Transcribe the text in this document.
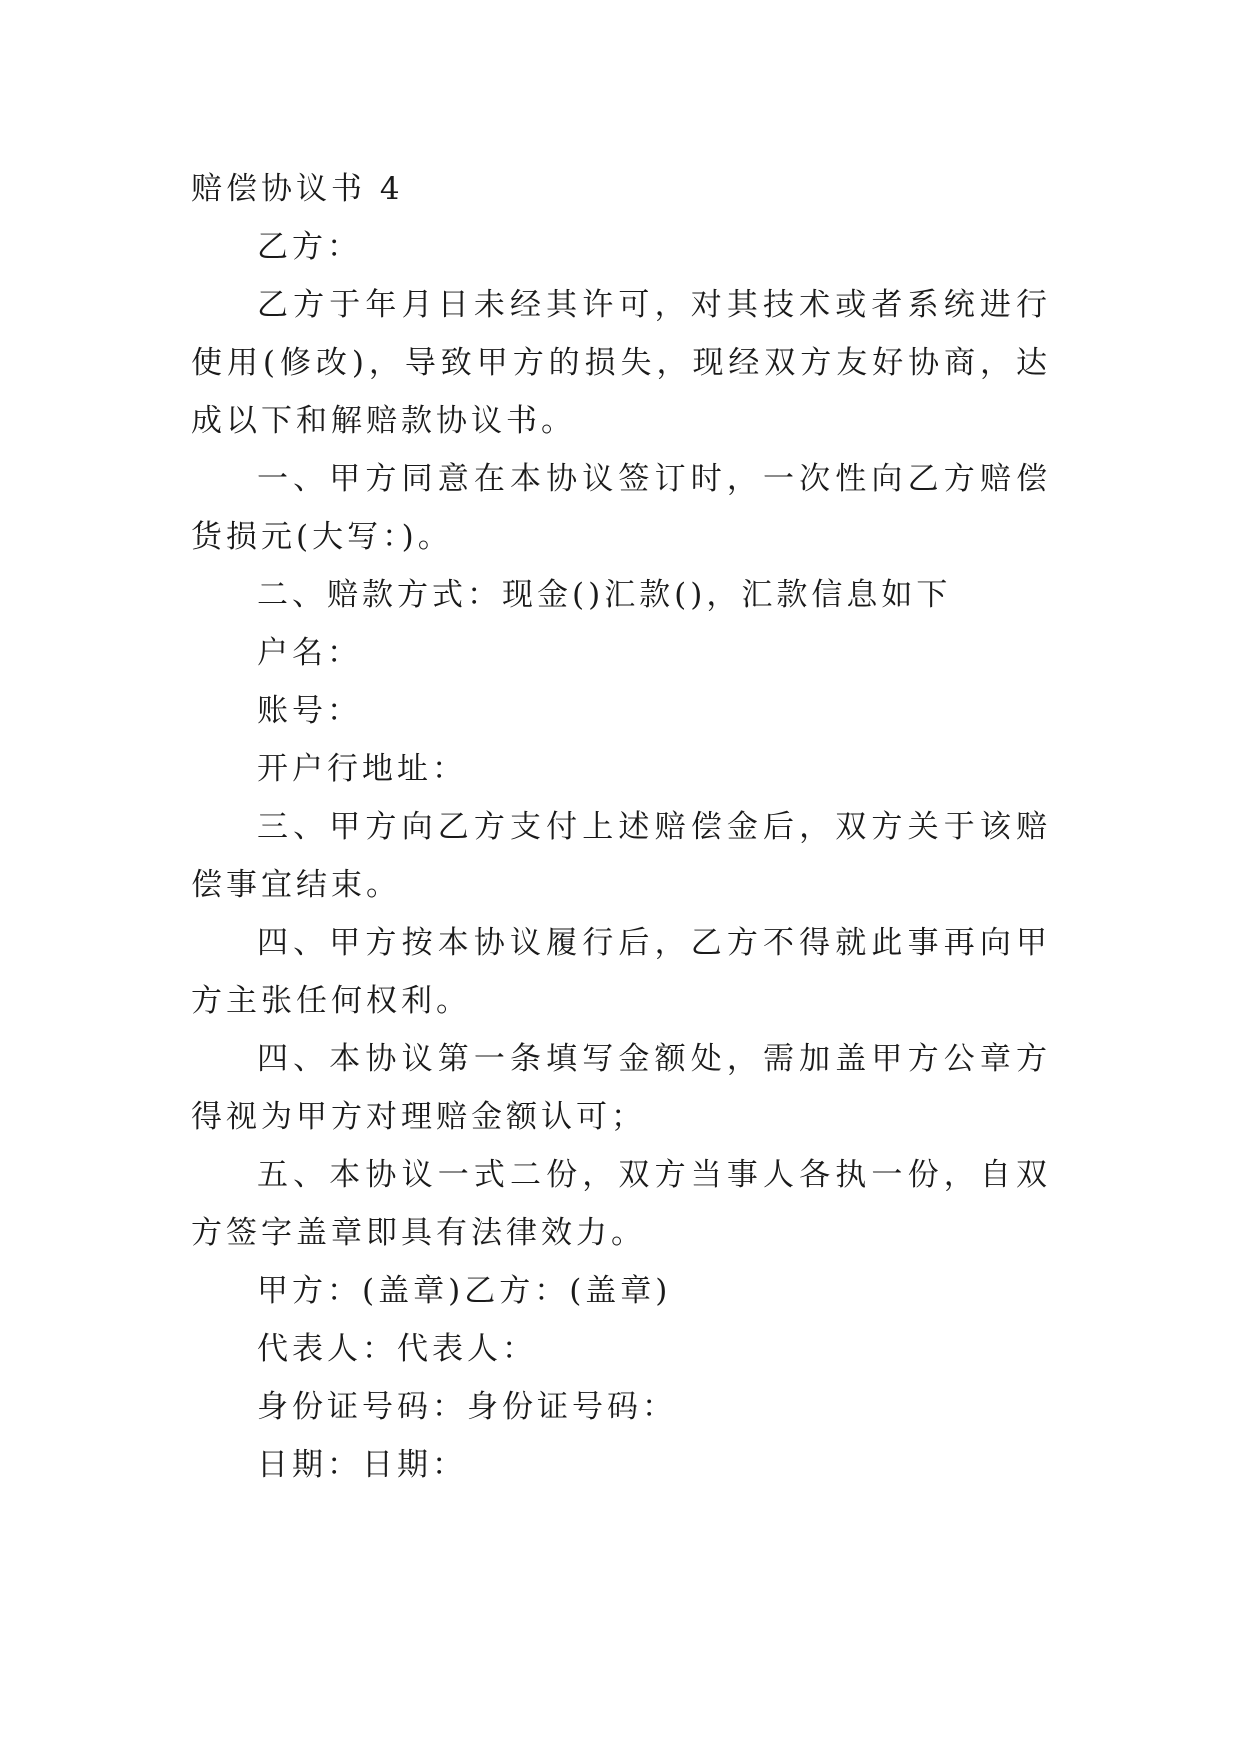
赔偿协议书 4
乙方：

乙方于年月日未经其许可，对其技术或者系统进行使用(修改)，导致甲方的损失，现经双方友好协商，达成以下和解赔款协议书。

一、甲方同意在本协议签订时，一次性向乙方赔偿货损元(大写：)。

二、赔款方式：现金()汇款()，汇款信息如下
户名：
账号：
开户行地址：

三、甲方向乙方支付上述赔偿金后，双方关于该赔偿事宜结束。

四、甲方按本协议履行后，乙方不得就此事再向甲方主张任何权利。

四、本协议第一条填写金额处，需加盖甲方公章方得视为甲方对理赔金额认可；

五、本协议一式二份，双方当事人各执一份，自双方签字盖章即具有法律效力。

甲方：(盖章)乙方：(盖章)
代表人：代表人：
身份证号码：身份证号码：
日期：日期：
